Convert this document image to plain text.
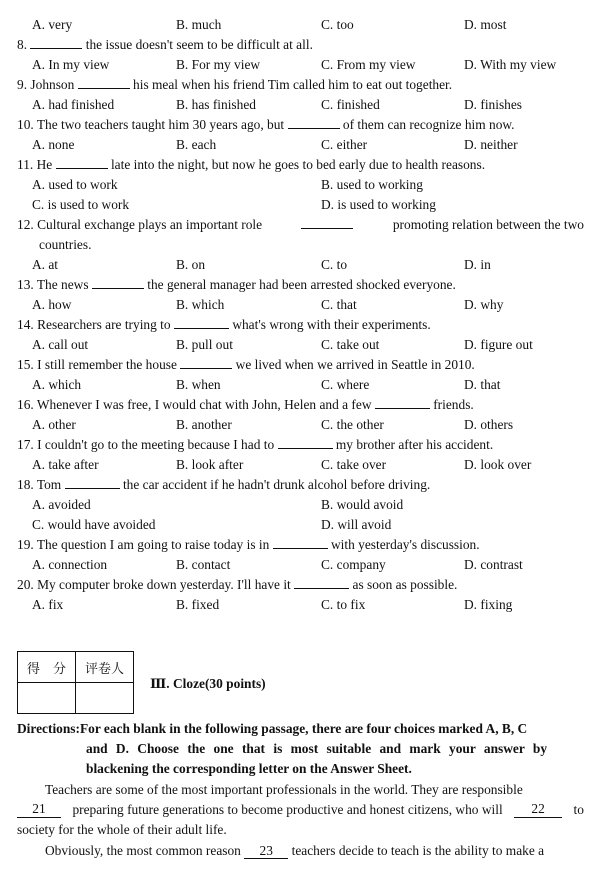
A. very	B. much	C. too	D. most
8.	the issue doesn't seem to be difficult at all.
A. In my view	B. For my view	C. From my view	D. With my view
9. Johnson	his meal when his friend Tim called him to eat out together.
A. had finished	B. has finished	C. finished	D. finishes
10. The two teachers taught him 30 years ago, but	of them can recognize him now.
A. none	B. each	C. either	D. neither
11. He	late into the night, but now he goes to bed early due to health reasons.
A. used to work	B. used to working
C. is used to work	D. is used to working
12. Cultural exchange plays an important role	promoting relation between the two
countries.
A. at	B. on	C. to	D. in
13. The news	the general manager had been arrested shocked everyone.
A. how	B. which	C. that	D. why
14. Researchers are trying to	what's wrong with their experiments.
A. call out	B. pull out	C. take out	D. figure out
15. I still remember the house	we lived when we arrived in Seattle in 2010.
A. which	B. when	C. where	D. that
16. Whenever I was free, I would chat with John, Helen and a few	friends.
A. other	B. another	C. the other	D. others
17. I couldn't go to the meeting because I had to	my brother after his accident.
A. take after	B. look after	C. take over	D. look over
18. Tom	the car accident if he hadn't drunk alcohol before driving.
A. avoided	B. would avoid
C. would have avoided	D. will avoid
19. The question I am going to raise today is in	with yesterday's discussion.
A. connection	B. contact	C. company	D. contrast
20. My computer broke down yesterday. I'll have it	as soon as possible.
A. fix	B. fixed	C. to fix	D. fixing
得　分	评卷人

Ⅲ. Cloze(30 points)
Directions:For each blank in the following passage, there are four choices marked A, B, C
and D. Choose the one that is most suitable and mark your answer by
blackening the corresponding letter on the Answer Sheet.
Teachers are some of the most important professionals in the world. They are responsible
21	preparing future generations to become productive and honest citizens, who will	22	to
society for the whole of their adult life.
Obviously, the most common reason 23 teachers decide to teach is the ability to make a
